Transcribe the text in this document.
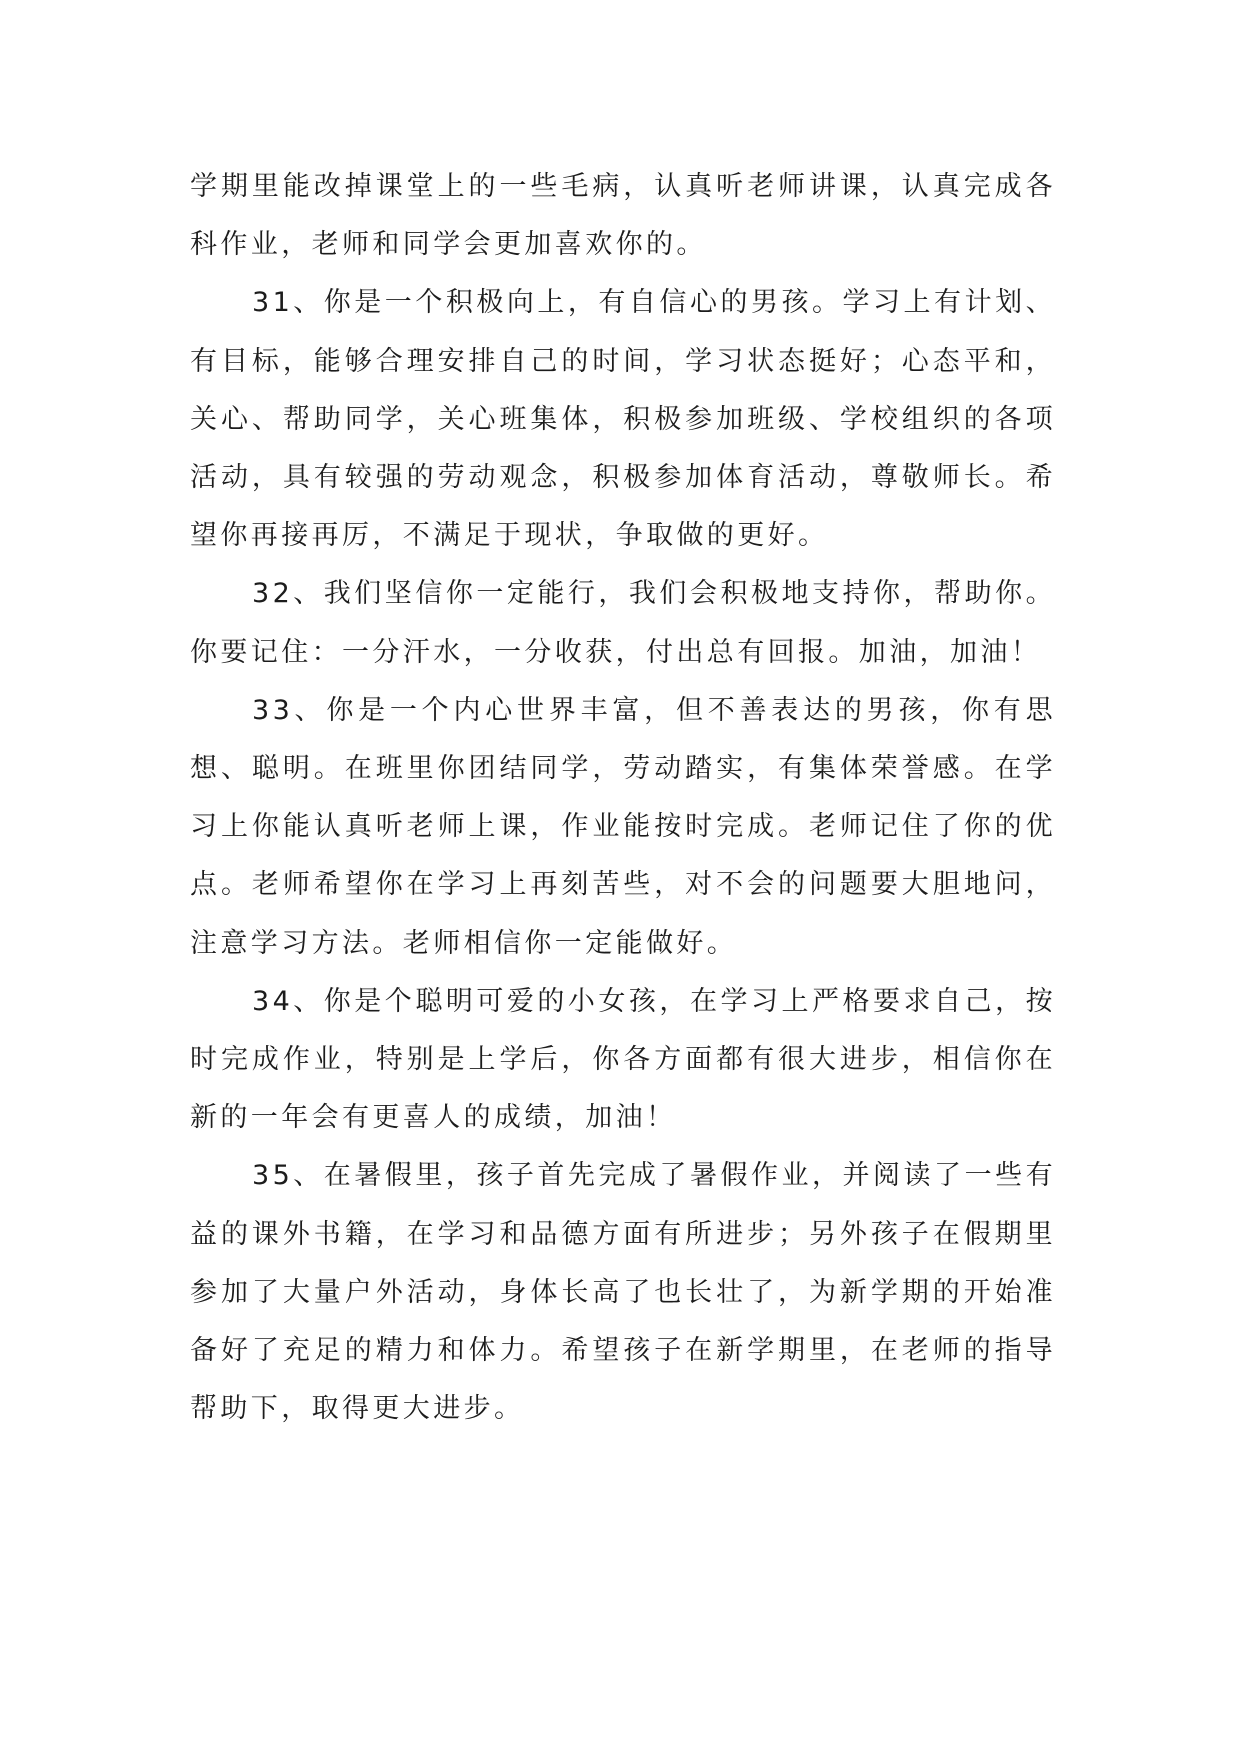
学期里能改掉课堂上的一些毛病，认真听老师讲课，认真完成各科作业，老师和同学会更加喜欢你的。

31、你是一个积极向上，有自信心的男孩。学习上有计划、有目标，能够合理安排自己的时间，学习状态挺好；心态平和，关心、帮助同学，关心班集体，积极参加班级、学校组织的各项活动，具有较强的劳动观念，积极参加体育活动，尊敬师长。希望你再接再厉，不满足于现状，争取做的更好。

32、我们坚信你一定能行，我们会积极地支持你，帮助你。你要记住：一分汗水，一分收获，付出总有回报。加油，加油！

33、你是一个内心世界丰富，但不善表达的男孩，你有思想、聪明。在班里你团结同学，劳动踏实，有集体荣誉感。在学习上你能认真听老师上课，作业能按时完成。老师记住了你的优点。老师希望你在学习上再刻苦些，对不会的问题要大胆地问，注意学习方法。老师相信你一定能做好。

34、你是个聪明可爱的小女孩，在学习上严格要求自己，按时完成作业，特别是上学后，你各方面都有很大进步，相信你在新的一年会有更喜人的成绩，加油！

35、在暑假里，孩子首先完成了暑假作业，并阅读了一些有益的课外书籍，在学习和品德方面有所进步；另外孩子在假期里参加了大量户外活动，身体长高了也长壮了，为新学期的开始准备好了充足的精力和体力。希望孩子在新学期里，在老师的指导帮助下，取得更大进步。
